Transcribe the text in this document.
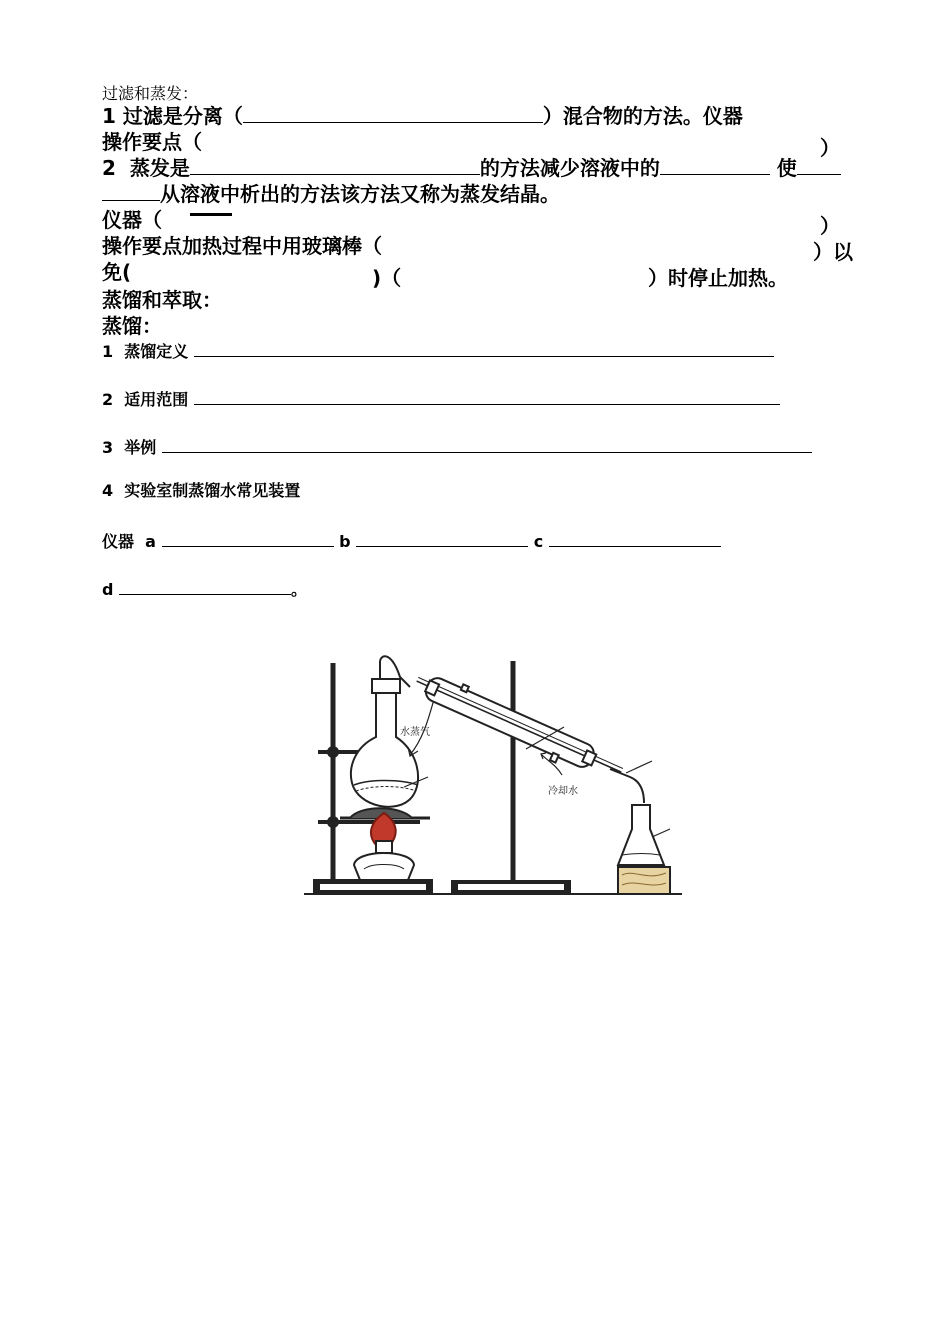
过滤和蒸发：
1 过滤是分离（	）混合物的方法。仪器
操作要点（	）
2  蒸发是	的方法减少溶液中的	使
从溶液中析出的方法该方法又称为蒸发结晶。
仪器（	）
操作要点加热过程中用玻璃棒（	）以
免(	)（	）时停止加热。
蒸馏和萃取：
蒸馏：
1  蒸馏定义
2  适用范围
3  举例
4  实验室制蒸馏水常见装置
仪器  a	b	c
d	。
水蒸气
冷却水
